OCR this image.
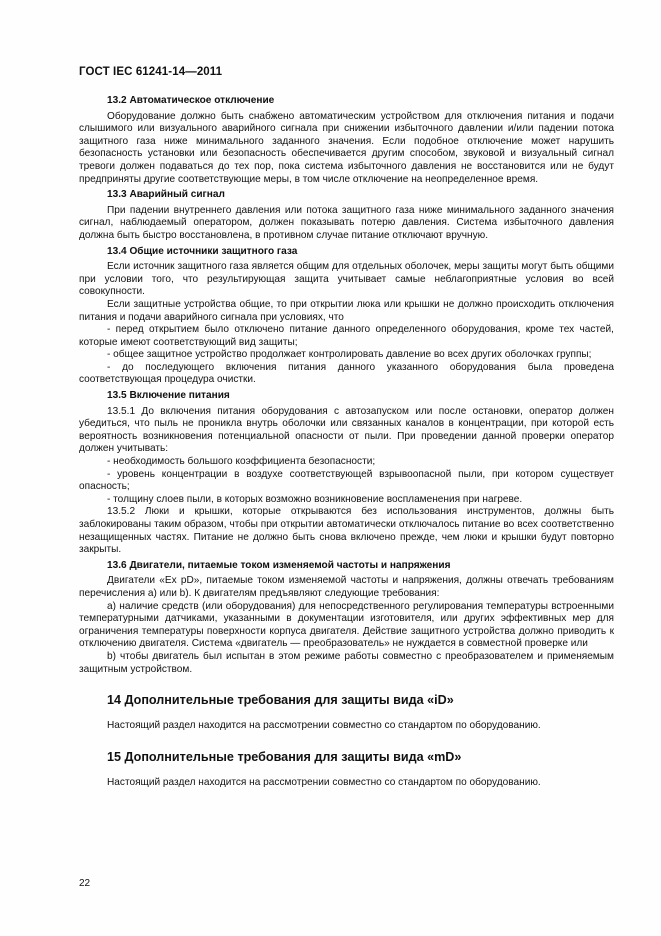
ГОСТ IEC 61241-14—2011
13.2 Автоматическое отключение

Оборудование должно быть снабжено автоматическим устройством для отключения питания и подачи слышимого или визуального аварийного сигнала при снижении избыточного давлении и/или падении потока защитного газа ниже минимального заданного значения. Если подобное отключение может нарушить безопасность установки или безопасность обеспечивается другим способом, звуковой и визуальный сигнал тревоги должен подаваться до тех пор, пока система избыточного давления не восстановится или не будут предприняты другие соответствующие меры, в том числе отключение на неопределенное время.

13.3 Аварийный сигнал

При падении внутреннего давления или потока защитного газа ниже минимального заданного значения сигнал, наблюдаемый оператором, должен показывать потерю давления. Система избыточного давления должна быть быстро восстановлена, в противном случае питание отключают вручную.

13.4 Общие источники защитного газа

Если источник защитного газа является общим для отдельных оболочек, меры защиты могут быть общими при условии того, что результирующая защита учитывает самые неблагоприятные условия во всей совокупности.

Если защитные устройства общие, то при открытии люка или крышки не должно происходить отключения питания и подачи аварийного сигнала при условиях, что

- перед открытием было отключено питание данного определенного оборудования, кроме тех частей, которые имеют соответствующий вид защиты;

- общее защитное устройство продолжает контролировать давление во всех других оболочках группы;

- до последующего включения питания данного указанного оборудования была проведена соответствующая процедура очистки.

13.5 Включение питания

13.5.1 До включения питания оборудования с автозапуском или после остановки, оператор должен убедиться, что пыль не проникла внутрь оболочки или связанных каналов в концентрации, при которой есть вероятность возникновения потенциальной опасности от пыли. При проведении данной проверки оператор должен учитывать:

- необходимость большого коэффициента безопасности;

- уровень концентрации в воздухе соответствующей взрывоопасной пыли, при котором существует опасность;

- толщину слоев пыли, в которых возможно возникновение воспламенения при нагреве.

13.5.2 Люки и крышки, которые открываются без использования инструментов, должны быть заблокированы таким образом, чтобы при открытии автоматически отключалось питание во всех соответственно незащищенных частях. Питание не должно быть снова включено прежде, чем люки и крышки будут повторно закрыты.

13.6 Двигатели, питаемые током изменяемой частоты и напряжения

Двигатели «Ex pD», питаемые током изменяемой частоты и напряжения, должны отвечать требованиям перечисления a) или b). К двигателям предъявляют следующие требования:

a) наличие средств (или оборудования) для непосредственного регулирования температуры встроенными температурными датчиками, указанными в документации изготовителя, или других эффективных мер для ограничения температуры поверхности корпуса двигателя. Действие защитного устройства должно приводить к отключению двигателя. Система «двигатель — преобразователь» не нуждается в совместной проверке или

b) чтобы двигатель был испытан в этом режиме работы совместно с преобразователем и применяемым защитным устройством.

14 Дополнительные требования для защиты вида «iD»

Настоящий раздел находится на рассмотрении совместно со стандартом по оборудованию.

15 Дополнительные требования для защиты вида «mD»

Настоящий раздел находится на рассмотрении совместно со стандартом по оборудованию.

22
